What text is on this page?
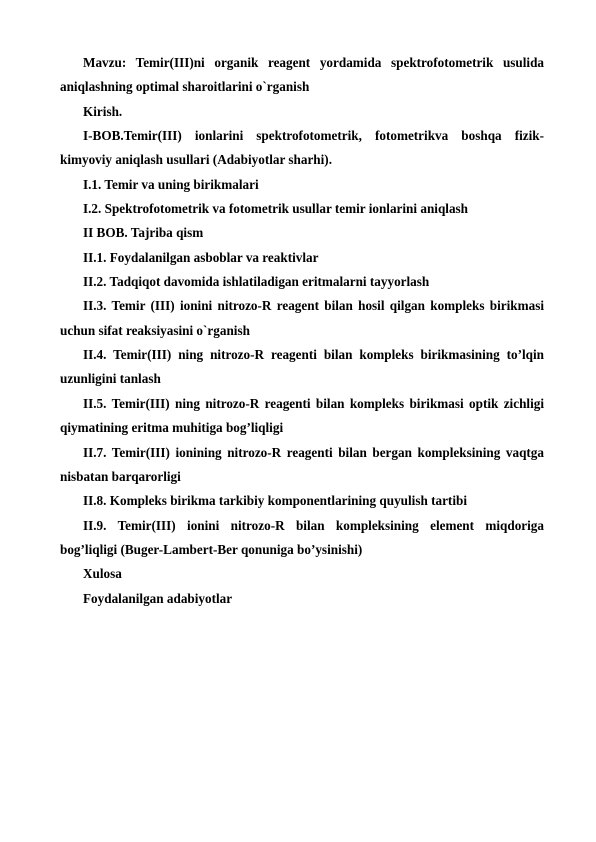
Mavzu: Temir(III)ni organik reagent yordamida spektrofotometrik usulida aniqlashning optimal sharoitlarini o`rganish

Kirish.

I-BOB.Temir(III) ionlarini spektrofotometrik, fotometrikva boshqa fizik-kimyoviy aniqlash usullari (Adabiyotlar sharhi).

I.1. Temir va uning birikmalari

I.2. Spektrofotometrik va fotometrik usullar temir ionlarini aniqlash

II BOB. Tajriba qism

II.1. Foydalanilgan asboblar va reaktivlar

II.2. Tadqiqot davomida ishlatiladigan eritmalarni tayyorlash

II.3. Temir (III) ionini nitrozo-R reagent bilan hosil qilgan kompleks birikmasi uchun sifat reaksiyasini o`rganish

II.4. Temir(III) ning nitrozo-R reagenti bilan kompleks birikmasining to’lqin uzunligini tanlash

II.5. Temir(III) ning nitrozo-R reagenti bilan kompleks birikmasi optik zichligi qiymatining eritma muhitiga bog’liqligi

II.7. Temir(III) ionining nitrozo-R reagenti bilan bergan kompleksining vaqtga nisbatan barqarorligi

II.8. Kompleks birikma tarkibiy komponentlarining quyulish tartibi

II.9. Temir(III) ionini nitrozo-R bilan kompleksining element miqdoriga bog’liqligi (Buger-Lambert-Ber qonuniga bo’ysinishi)

Xulosa

Foydalanilgan adabiyotlar
